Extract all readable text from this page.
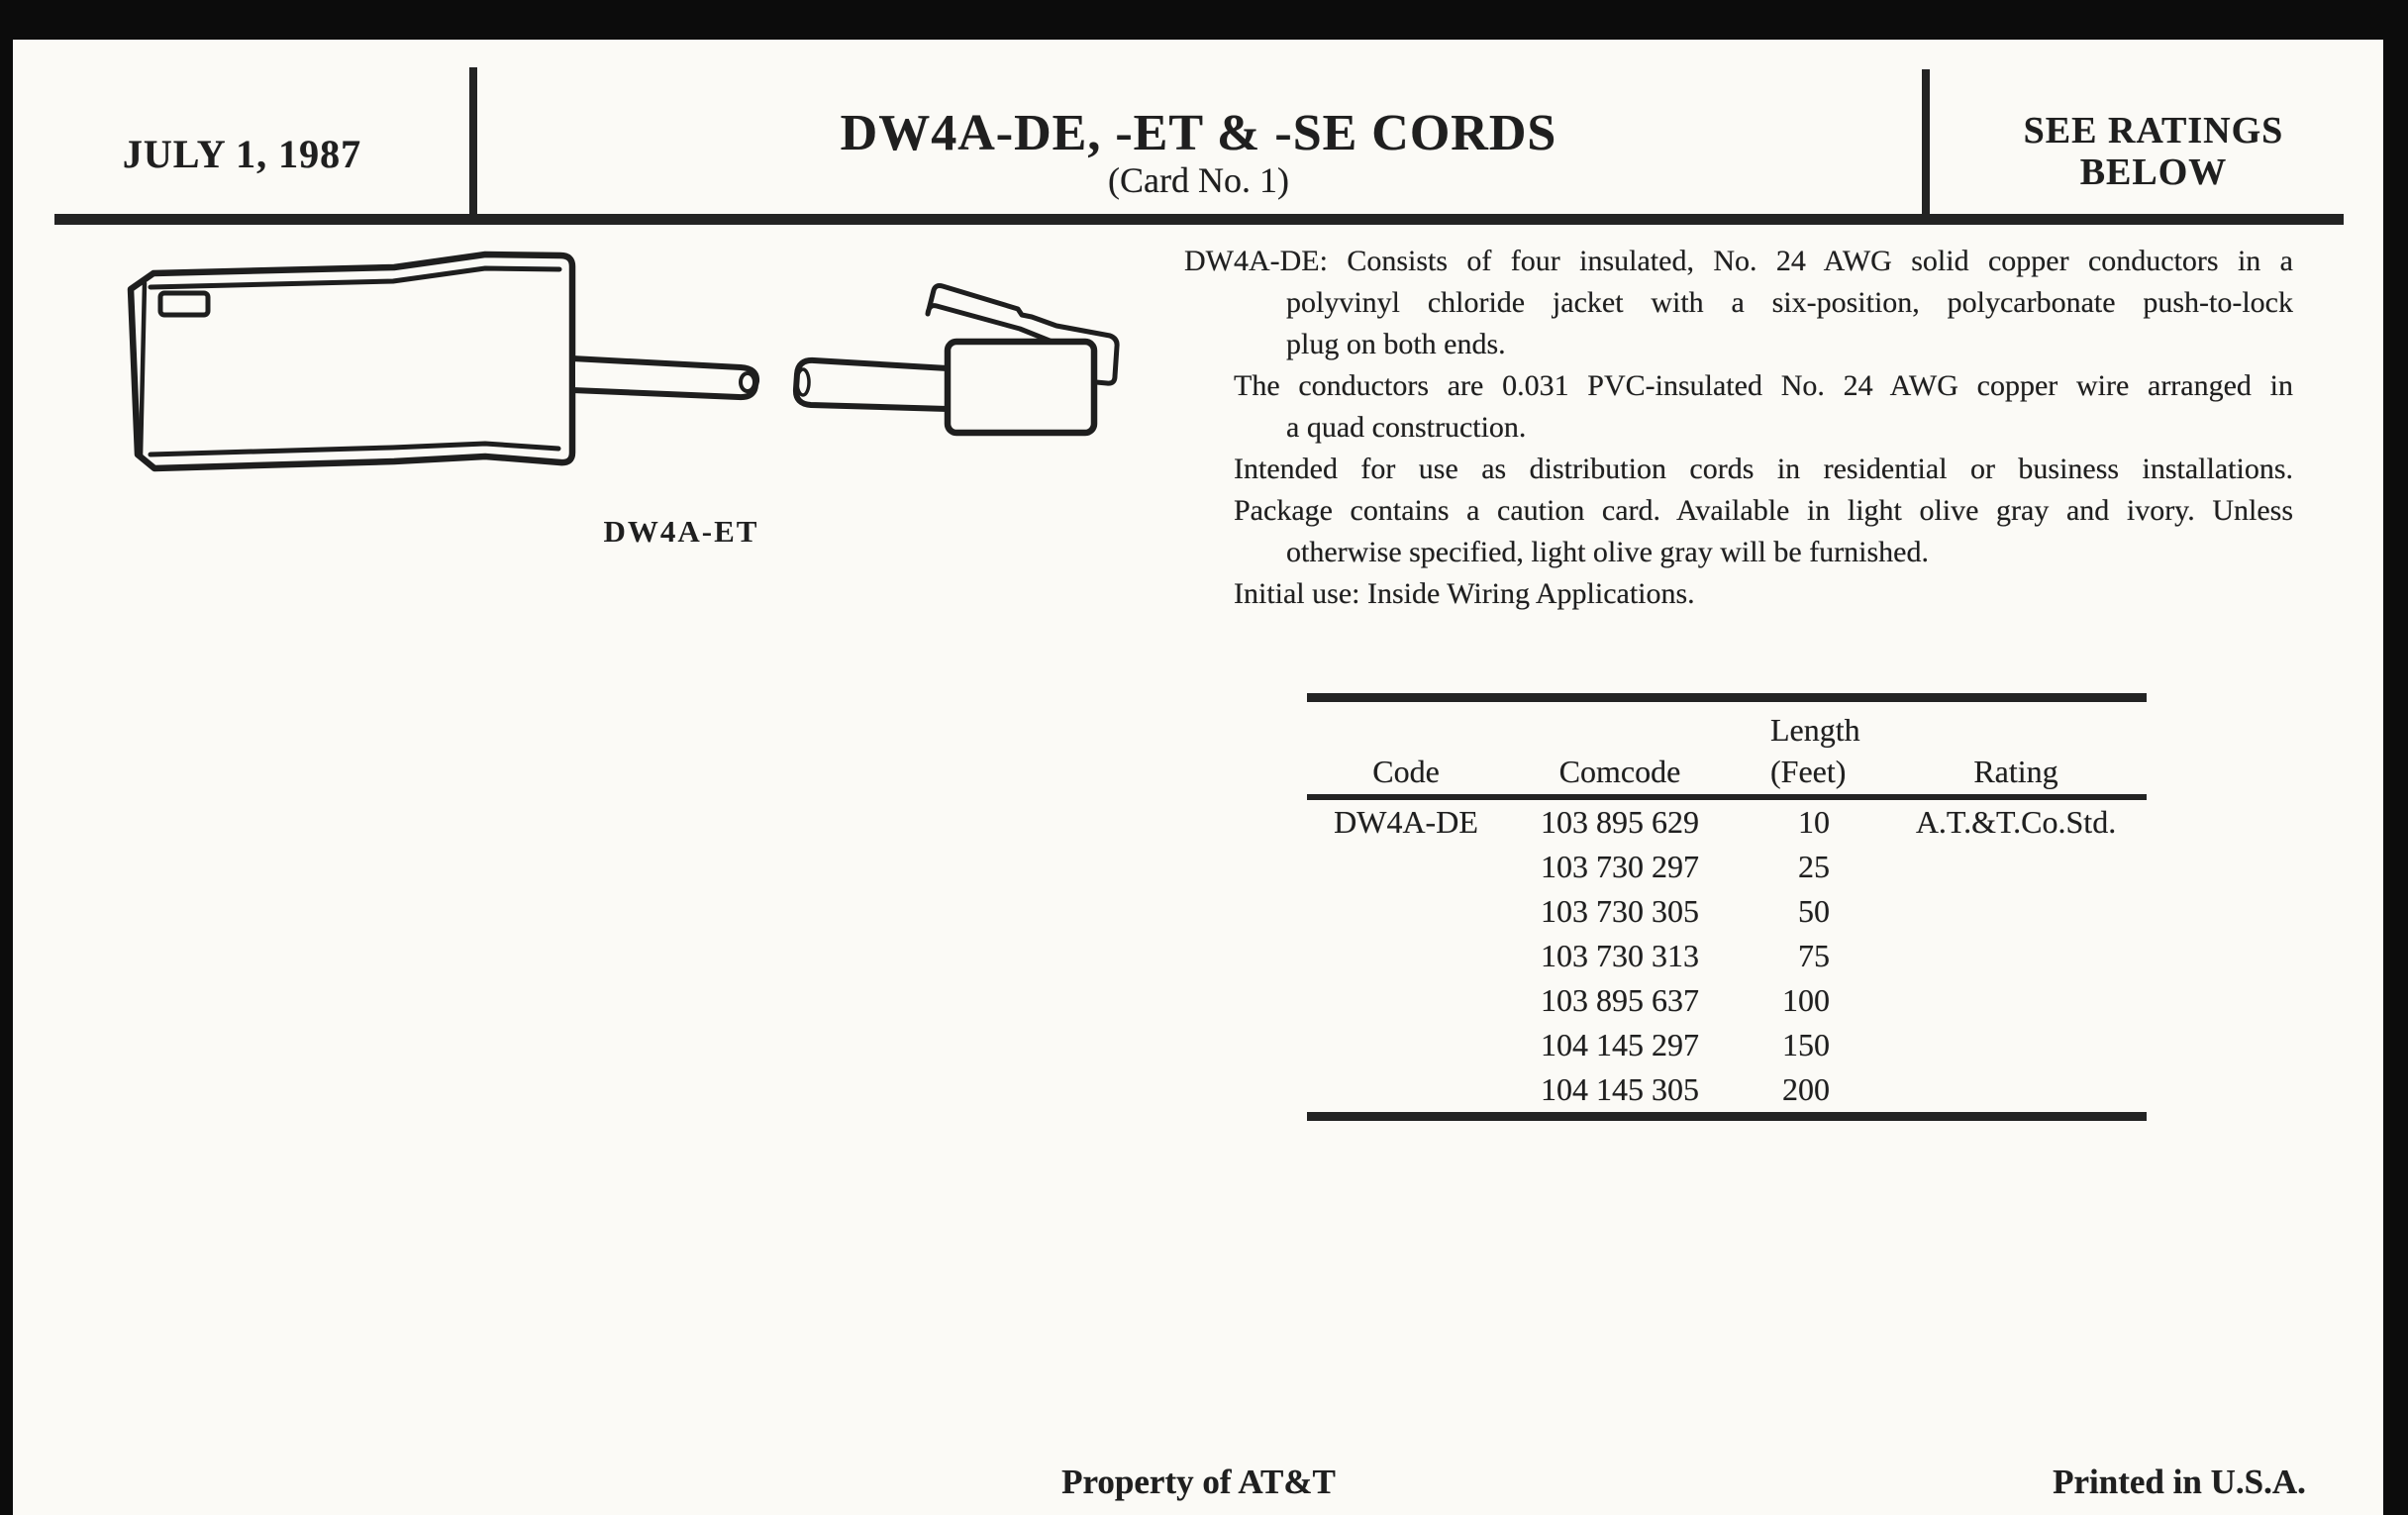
JULY 1, 1987	DW4A-DE, -ET & -SE CORDS
(Card No. 1)
SEE RATINGS
BELOW
DW4A-ET
DW4A-DE: Consists of four insulated, No. 24 AWG solid copper conductors in a
polyvinyl chloride jacket with a six-position, polycarbonate push-to-lock
plug on both ends.
The conductors are 0.031 PVC-insulated No. 24 AWG copper wire arranged in
a quad construction.
Intended for use as distribution cords in residential or business installations.
Package contains a caution card. Available in light olive gray and ivory. Unless
otherwise specified, light olive gray will be furnished.
Initial use: Inside Wiring Applications.
Length
Code	Comcode	(Feet)	Rating
DW4A-DE	103 895 629	10	A.T.&T.Co.Std.
103 730 297	25
103 730 305	50
103 730 313	75
103 895 637	100
104 145 297	150
104 145 305	200
Property of AT&T	Printed in U.S.A.
